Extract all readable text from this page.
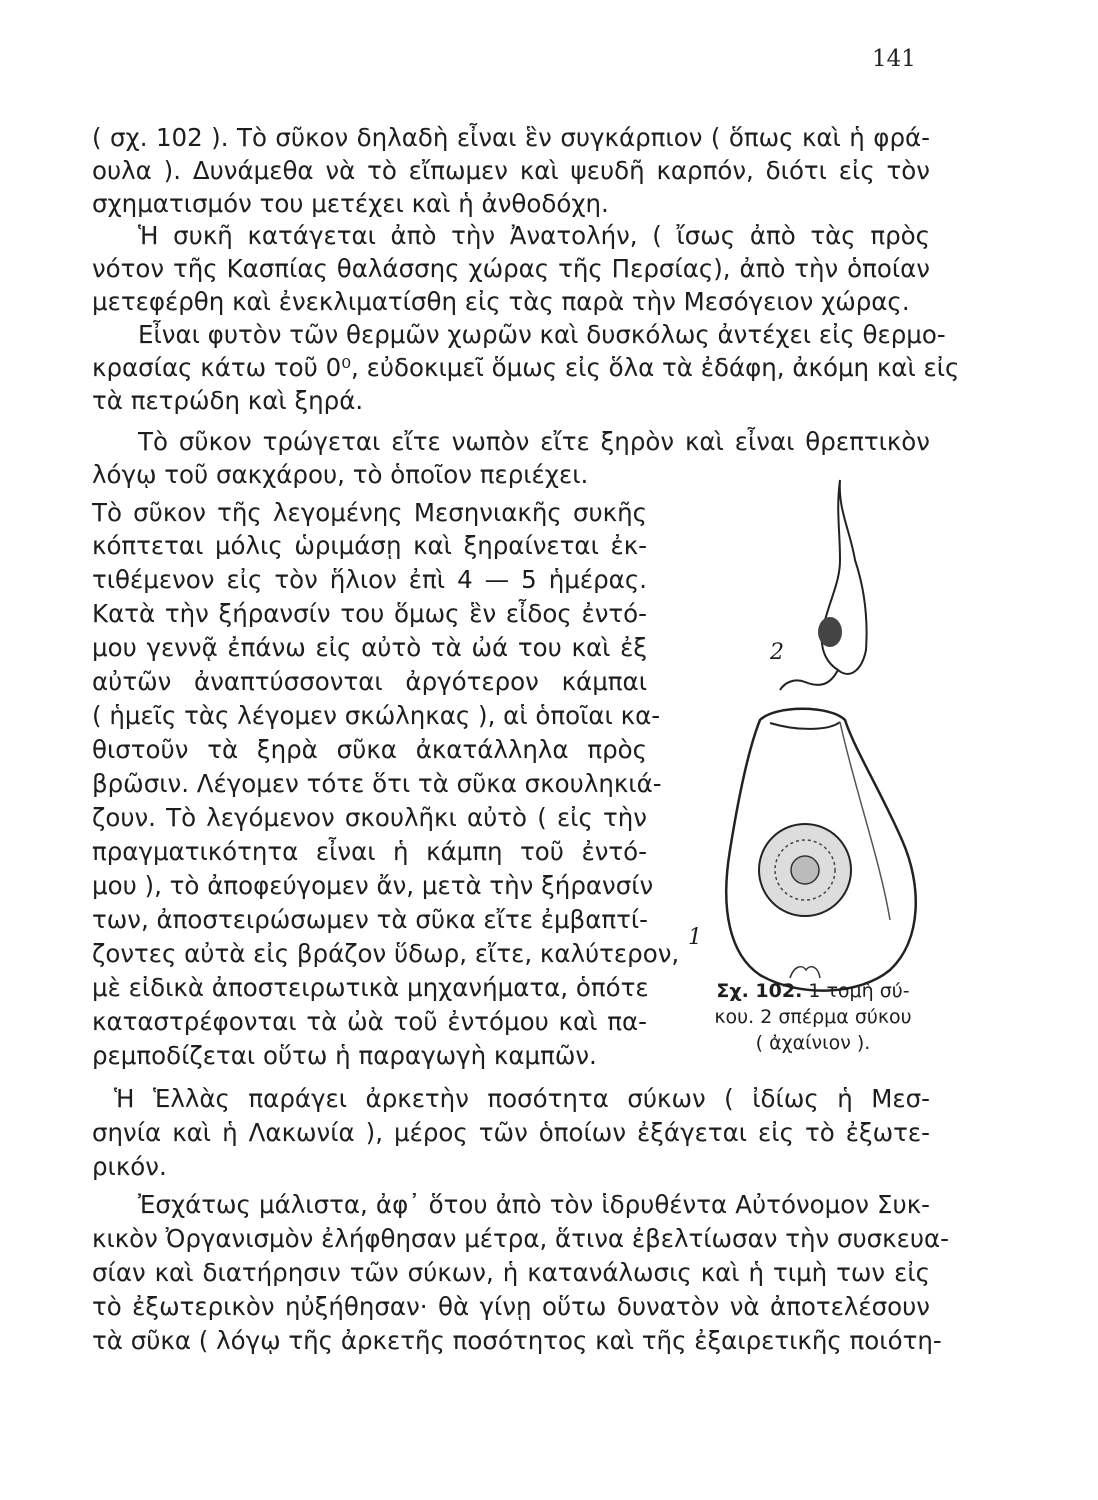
141

( σχ. 102 ). Τὸ σῦκον δηλαδὴ εἶναι ἓν συγκάρπιον ( ὅπως καὶ ἡ φρά-

ουλα ). Δυνάμεθα νὰ τὸ εἴπωμεν καὶ ψευδῆ καρπόν, διότι εἰς τὸν

σχηματισμόν του μετέχει καὶ ἡ ἀνθοδόχη.

Ἡ συκῆ κατάγεται ἀπὸ τὴν Ἀνατολήν, ( ἴσως ἀπὸ τὰς πρὸς

νότον τῆς Κασπίας θαλάσσης χώρας τῆς Περσίας), ἀπὸ τὴν ὁποίαν

μετεφέρθη καὶ ἐνεκλιματίσθη εἰς τὰς παρὰ τὴν Μεσόγειον χώρας.

Εἶναι φυτὸν τῶν θερμῶν χωρῶν καὶ δυσκόλως ἀντέχει εἰς θερμο-

κρασίας κάτω τοῦ 0⁰, εὐδοκιμεῖ ὅμως εἰς ὅλα τὰ ἐδάφη, ἀκόμη καὶ εἰς

τὰ πετρώδη καὶ ξηρά.

Τὸ σῦκον τρώγεται εἴτε νωπὸν εἴτε ξηρὸν καὶ εἶναι θρεπτικὸν

λόγῳ τοῦ σακχάρου, τὸ ὁποῖον περιέχει.

Τὸ σῦκον τῆς λεγομένης Μεσηνιακῆς συκῆς

κόπτεται μόλις ὡριμάσῃ καὶ ξηραίνεται ἐκ-

τιθέμενον εἰς τὸν ἥλιον ἐπὶ 4 — 5 ἡμέρας.

Κατὰ τὴν ξήρανσίν του ὅμως ἓν εἶδος ἐντό-

μου γεννᾷ ἐπάνω εἰς αὐτὸ τὰ ὠά του καὶ ἐξ

αὐτῶν ἀναπτύσσονται ἀργότερον κάμπαι

( ἡμεῖς τὰς λέγομεν σκώληκας ), αἱ ὁποῖαι κα-

θιστοῦν τὰ ξηρὰ σῦκα ἀκατάλληλα πρὸς

βρῶσιν. Λέγομεν τότε ὅτι τὰ σῦκα σκουληκιά-

ζουν. Τὸ λεγόμενον σκουλῆκι αὐτὸ ( εἰς τὴν

πραγματικότητα εἶναι ἡ κάμπη τοῦ ἐντό-

μου ), τὸ ἀποφεύγομεν ἄν, μετὰ τὴν ξήρανσίν

των, ἀποστειρώσωμεν τὰ σῦκα εἴτε ἐμβαπτί-

ζοντες αὐτὰ εἰς βράζον ὕδωρ, εἴτε, καλύτερον,

μὲ εἰδικὰ ἀποστειρωτικὰ μηχανήματα, ὁπότε

καταστρέφονται τὰ ὠὰ τοῦ ἐντόμου καὶ πα-

ρεμποδίζεται οὕτω ἡ παραγωγὴ καμπῶν.

Ἡ Ἑλλὰς παράγει ἀρκετὴν ποσότητα σύκων ( ἰδίως ἡ Μεσ-

σηνία καὶ ἡ Λακωνία ), μέρος τῶν ὁποίων ἐξάγεται εἰς τὸ ἐξωτε-

ρικόν.

Ἐσχάτως μάλιστα, ἀφ᾽ ὅτου ἀπὸ τὸν ἱδρυθέντα Αὐτόνομον Συκ-

κικὸν Ὀργανισμὸν ἐλήφθησαν μέτρα, ἅτινα ἐβελτίωσαν τὴν συσκευα-

σίαν καὶ διατήρησιν τῶν σύκων, ἡ κατανάλωσις καὶ ἡ τιμὴ των εἰς

τὸ ἐξωτερικὸν ηὐξήθησαν· θὰ γίνῃ οὕτω δυνατὸν νὰ ἀποτελέσουν

τὰ σῦκα ( λόγῳ τῆς ἀρκετῆς ποσότητος καὶ τῆς ἐξαιρετικῆς ποιότη-

2
1
Σχ. 102. 1 τομὴ σύ-
κου. 2 σπέρμα σύκου
( ἀχαίνιον ).
